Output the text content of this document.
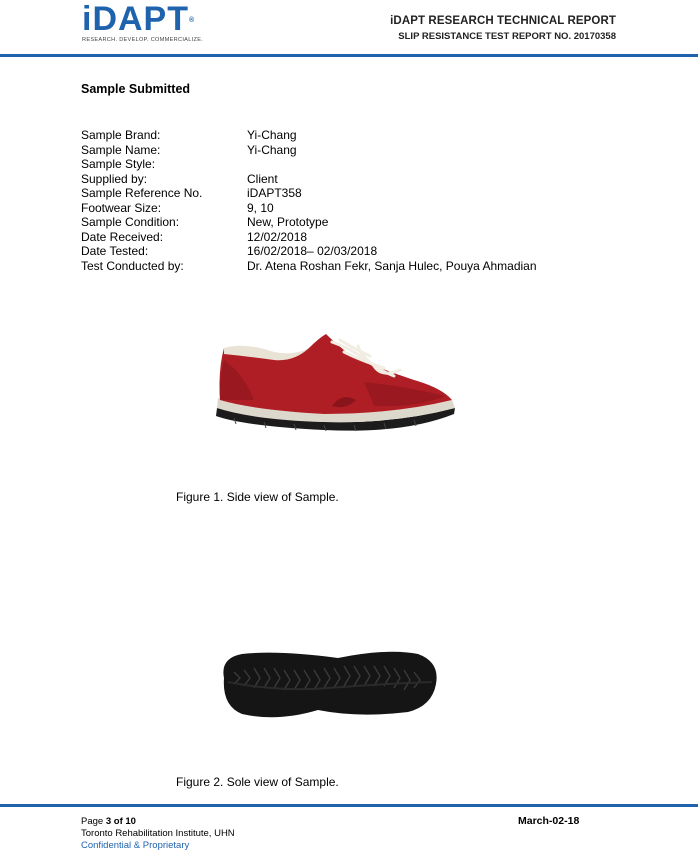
iDAPT®
RESEARCH. DEVELOP. COMMERCIALIZE.
iDAPT RESEARCH TECHNICAL REPORT
SLIP RESISTANCE TEST REPORT NO. 20170358
Sample Submitted
Sample Brand:	Yi-Chang
Sample Name:	Yi-Chang
Sample Style:
Supplied by:	Client
Sample Reference No.	iDAPT358
Footwear Size:	9, 10
Sample Condition:	New, Prototype
Date Received:	12/02/2018
Date Tested:	16/02/2018– 02/03/2018
Test Conducted by:	Dr. Atena Roshan Fekr, Sanja Hulec, Pouya Ahmadian
Figure 1. Side view of Sample.
Figure 2. Sole view of Sample.
Page 3 of 10
Toronto Rehabilitation Institute, UHN
Confidential & Proprietary
March-02-18
